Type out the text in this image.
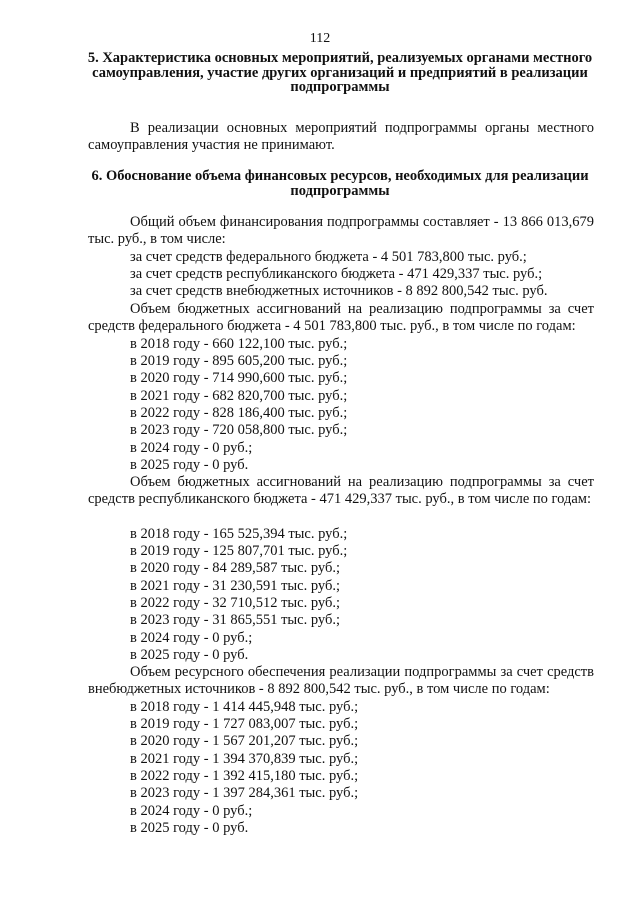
112
5. Характеристика основных мероприятий, реализуемых органами местного самоуправления, участие других организаций и предприятий в реализации подпрограммы
В реализации основных мероприятий подпрограммы органы местного самоуправления участия не принимают.
6. Обоснование объема финансовых ресурсов, необходимых для реализации подпрограммы
Общий объем финансирования подпрограммы составляет - 13 866 013,679 тыс. руб., в том числе:
за счет средств федерального бюджета - 4 501 783,800 тыс. руб.;
за счет средств республиканского бюджета - 471 429,337 тыс. руб.;
за счет средств внебюджетных источников - 8 892 800,542 тыс. руб.
Объем бюджетных ассигнований на реализацию подпрограммы за счет средств федерального бюджета - 4 501 783,800 тыс. руб., в том числе по годам:
в 2018 году - 660 122,100 тыс. руб.;
в 2019 году - 895 605,200 тыс. руб.;
в 2020 году - 714 990,600 тыс. руб.;
в 2021 году - 682 820,700 тыс. руб.;
в 2022 году - 828 186,400 тыс. руб.;
в 2023 году - 720 058,800 тыс. руб.;
в 2024 году - 0 руб.;
в 2025 году - 0 руб.
Объем бюджетных ассигнований на реализацию подпрограммы за счет средств республиканского бюджета - 471 429,337 тыс. руб., в том числе по годам:
в 2018 году - 165 525,394 тыс. руб.;
в 2019 году - 125 807,701 тыс. руб.;
в 2020 году - 84 289,587 тыс. руб.;
в 2021 году - 31 230,591 тыс. руб.;
в 2022 году - 32 710,512 тыс. руб.;
в 2023 году - 31 865,551 тыс. руб.;
в 2024 году - 0 руб.;
в 2025 году - 0 руб.
Объем ресурсного обеспечения реализации подпрограммы за счет средств внебюджетных источников - 8 892 800,542 тыс. руб., в том числе по годам:
в 2018 году - 1 414 445,948 тыс. руб.;
в 2019 году - 1 727 083,007 тыс. руб.;
в 2020 году - 1 567 201,207 тыс. руб.;
в 2021 году - 1 394 370,839 тыс. руб.;
в 2022 году - 1 392 415,180 тыс. руб.;
в 2023 году - 1 397 284,361 тыс. руб.;
в 2024 году - 0 руб.;
в 2025 году - 0 руб.
